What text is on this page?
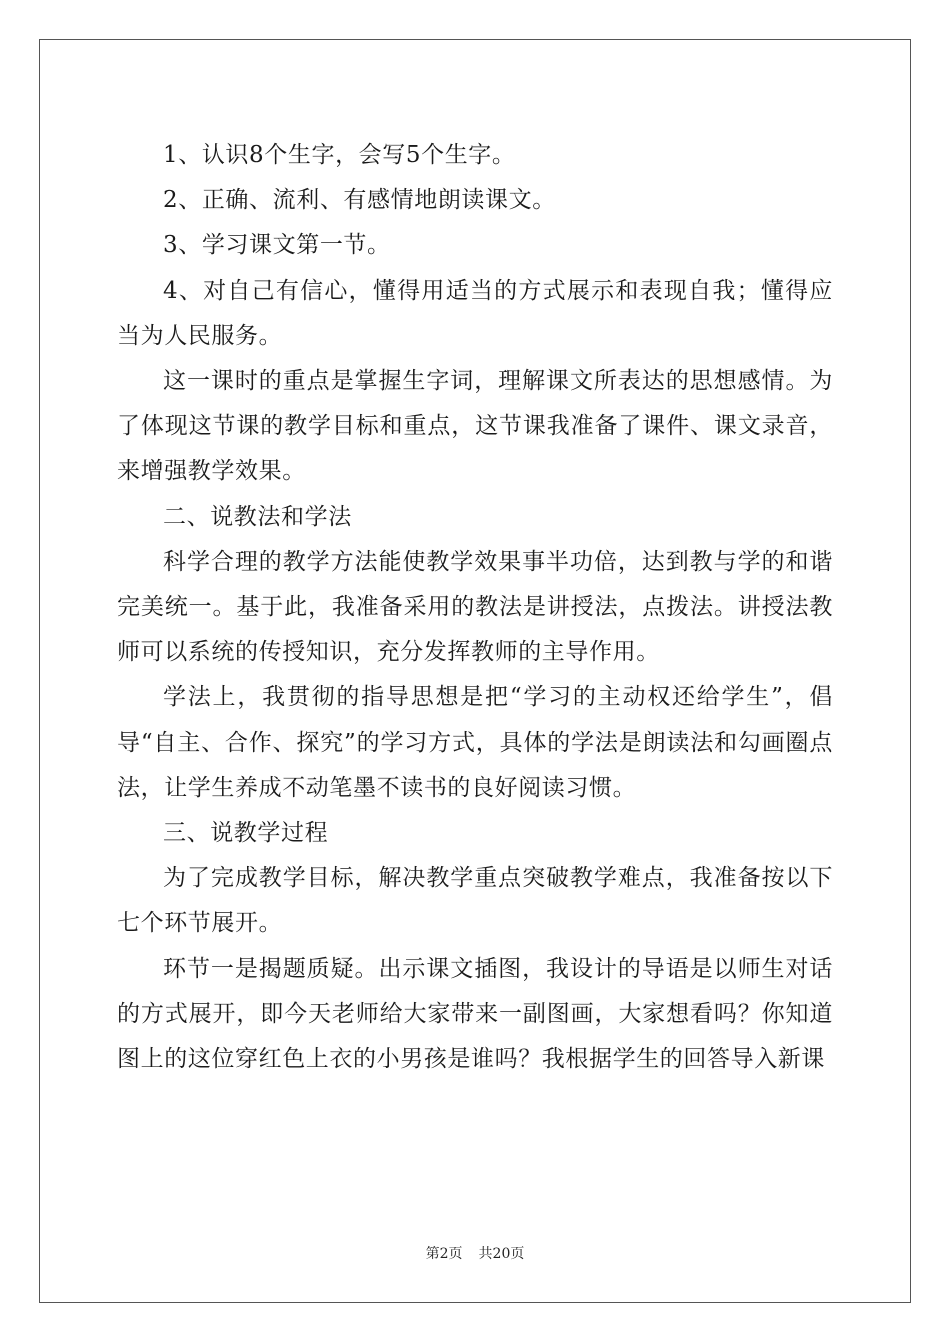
1、认识8个生字，会写5个生字。

2、正确、流利、有感情地朗读课文。

3、学习课文第一节。

4、对自己有信心，懂得用适当的方式展示和表现自我；懂得应当为人民服务。

这一课时的重点是掌握生字词，理解课文所表达的思想感情。为了体现这节课的教学目标和重点，这节课我准备了课件、课文录音，来增强教学效果。

二、说教法和学法

科学合理的教学方法能使教学效果事半功倍，达到教与学的和谐完美统一。基于此，我准备采用的教法是讲授法，点拨法。讲授法教师可以系统的传授知识，充分发挥教师的主导作用。

学法上，我贯彻的指导思想是把“学习的主动权还给学生”，倡导“自主、合作、探究”的学习方式，具体的学法是朗读法和勾画圈点法，让学生养成不动笔墨不读书的良好阅读习惯。

三、说教学过程

为了完成教学目标，解决教学重点突破教学难点，我准备按以下七个环节展开。

环节一是揭题质疑。出示课文插图，我设计的导语是以师生对话的方式展开，即今天老师给大家带来一副图画，大家想看吗？你知道图上的这位穿红色上衣的小男孩是谁吗？我根据学生的回答导入新课

第2页 共20页
